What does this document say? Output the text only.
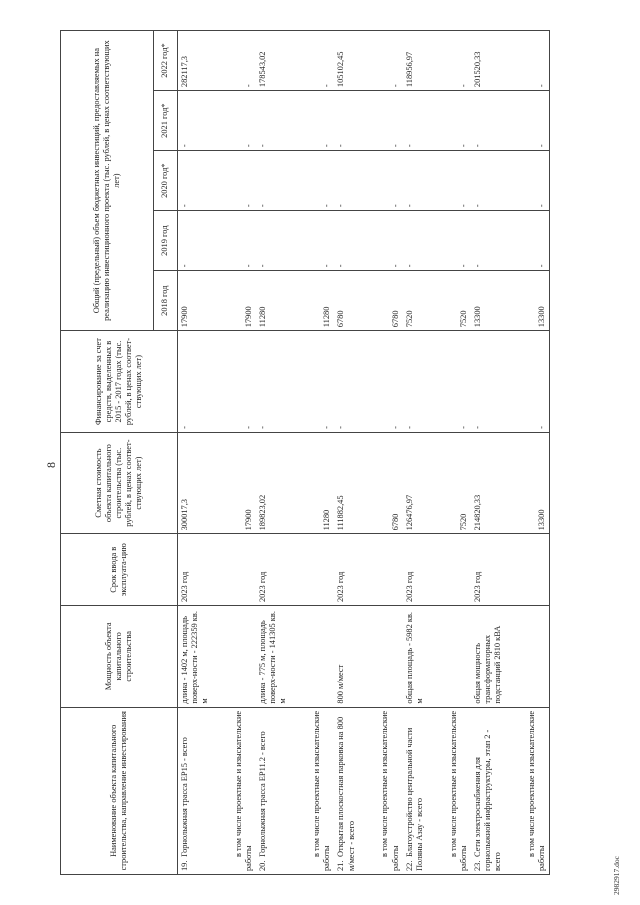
8
Наименование объекта капитального строительства, направление инвестирования	Мощность объекта капитального строительства	Срок ввода в эксплуата-цию	Сметная стоимость объекта капитального строительства (тыс. рублей, в ценах соответ-ствующих лет)	Финансирование за счет средств, выделенных в 2015 - 2017 годах (тыс. рублей, в ценах соответ-ствующих лет)	Общий (предельный) объем бюджетных инвестиций, предоставляемых на реализацию инвестиционного проекта (тыс. рублей, в ценах соответствующих лет)				
					2018 год	2019 год	2020 год*	2021 год*	2022 год*
19.Горнолыжная трасса ЕР15 - всего	длина - 1402 м, площадь поверх-ности - 222359 кв. м	2023 год	300017,3	-	17900	-	-	-	282117,3
в том числе проектные и изыскательские работы			17900	-	17900	-	-	-	-
20.Горнолыжная трасса ЕР11.2 - всего	длина - 775 м, площадь поверх-ности - 141305 кв. м	2023 год	189823,02	-	11280	-	-	-	178543,02
в том числе проектные и изыскательские работы			11280	-	11280	-	-	-	-
21.Открытая плоскостная парковка на 800 м/мест - всего	800 м/мест	2023 год	111882,45	-	6780	-	-	-	105102,45
в том числе проектные и изыскательские работы			6780	-	6780	-	-	-	-
22.Благоустройство центральной части Поляны Азау - всего	общая площадь - 5982 кв. м	2023 год	126476,97	-	7520	-	-	-	118956,97
в том числе проектные и изыскательские работы			7520	-	7520	-	-	-	-
23.Сети электроснабжения для горнолыжной инфраструктуры, этап 2 - всего	общая мощность трансформаторных подстанций 2810 кВА	2023 год	214820,33	-	13300	-	-	-	201520,33
в том числе проектные и изыскательские работы			13300	-	13300	-	-	-	-
2982917.doc
